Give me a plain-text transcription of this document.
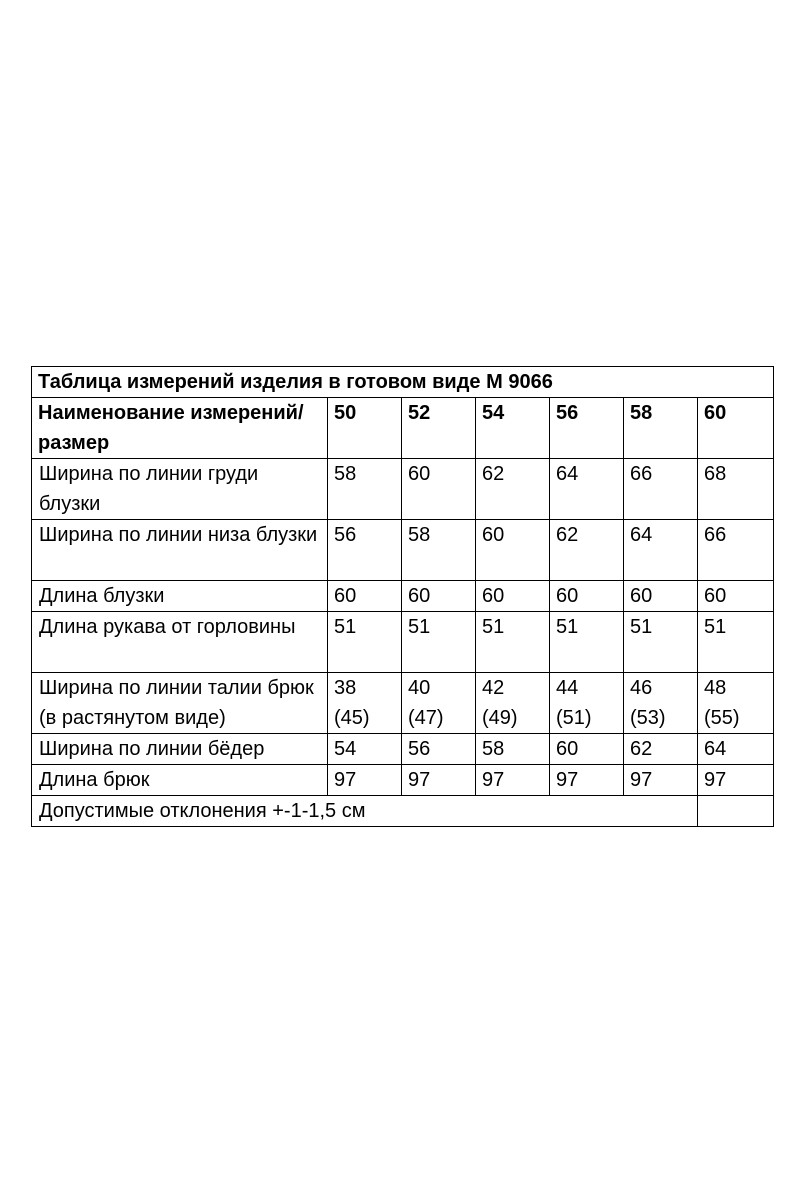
Таблица измерений изделия в готовом виде М 9066						
Наименование измерений/размер	50	52	54	56	58	60
Ширина по линии груди блузки	58	60	62	64	66	68
Ширина по линии низа блузки	56	58	60	62	64	66
Длина блузки	60	60	60	60	60	60
Длина рукава от горловины	51	51	51	51	51	51
Ширина по линии талии брюк (в растянутом виде)	38 (45)	40 (47)	42 (49)	44 (51)	46 (53)	48 (55)
Ширина по линии бёдер	54	56	58	60	62	64
Длина брюк	97	97	97	97	97	97
Допустимые отклонения +-1-1,5 см						
